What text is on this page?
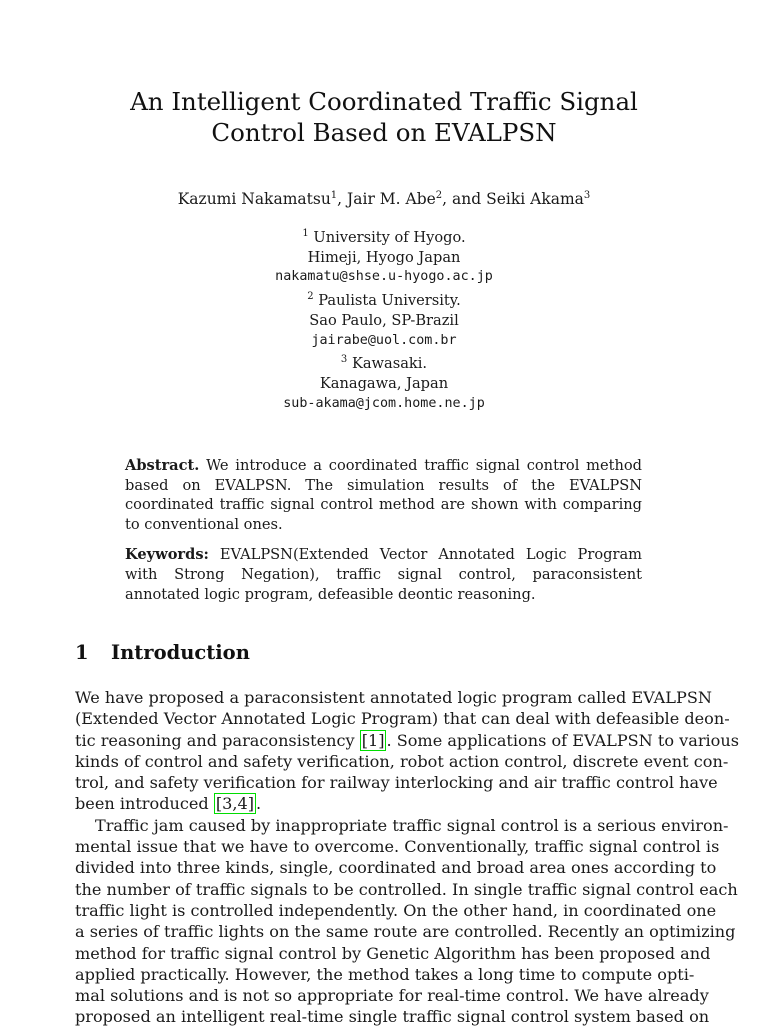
An Intelligent Coordinated Traffic Signal
Control Based on EVALPSN
Kazumi Nakamatsu$^1$, Jair M. Abe$^2$, and Seiki Akama$^3$
$^1$ University of Hyogo.
Himeji, Hyogo Japan
nakamatu@shse.u-hyogo.ac.jp
$^2$ Paulista University.
Sao Paulo, SP-Brazil
jairabe@uol.com.br
$^3$ Kawasaki.
Kanagawa, Japan
sub-akama@jcom.home.ne.jp

Abstract. We introduce a coordinated traffic signal control method based on EVALPSN. The simulation results of the EVALPSN coordinated traffic signal control method are shown with comparing to conventional ones.

Keywords: EVALPSN(Extended Vector Annotated Logic Program with Strong Negation), traffic signal control, paraconsistent annotated logic program, defeasible deontic reasoning.

1 Introduction
We have proposed a paraconsistent annotated logic program called EVALPSN
(Extended Vector Annotated Logic Program) that can deal with defeasible deon-
tic reasoning and paraconsistency [1] . Some applications of EVALPSN to various
kinds of control and safety verification, robot action control, discrete event con-
trol, and safety verification for railway interlocking and air traffic control have
been introduced [3,4] .
Traffic jam caused by inappropriate traffic signal control is a serious environ-
mental issue that we have to overcome. Conventionally, traffic signal control is
divided into three kinds, single, coordinated and broad area ones according to
the number of traffic signals to be controlled. In single traffic signal control each
traffic light is controlled independently. On the other hand, in coordinated one
a series of traffic lights on the same route are controlled. Recently an optimizing
method for traffic signal control by Genetic Algorithm has been proposed and
applied practically. However, the method takes a long time to compute opti-
mal solutions and is not so appropriate for real-time control. We have already
proposed an intelligent real-time single traffic signal control system based on
